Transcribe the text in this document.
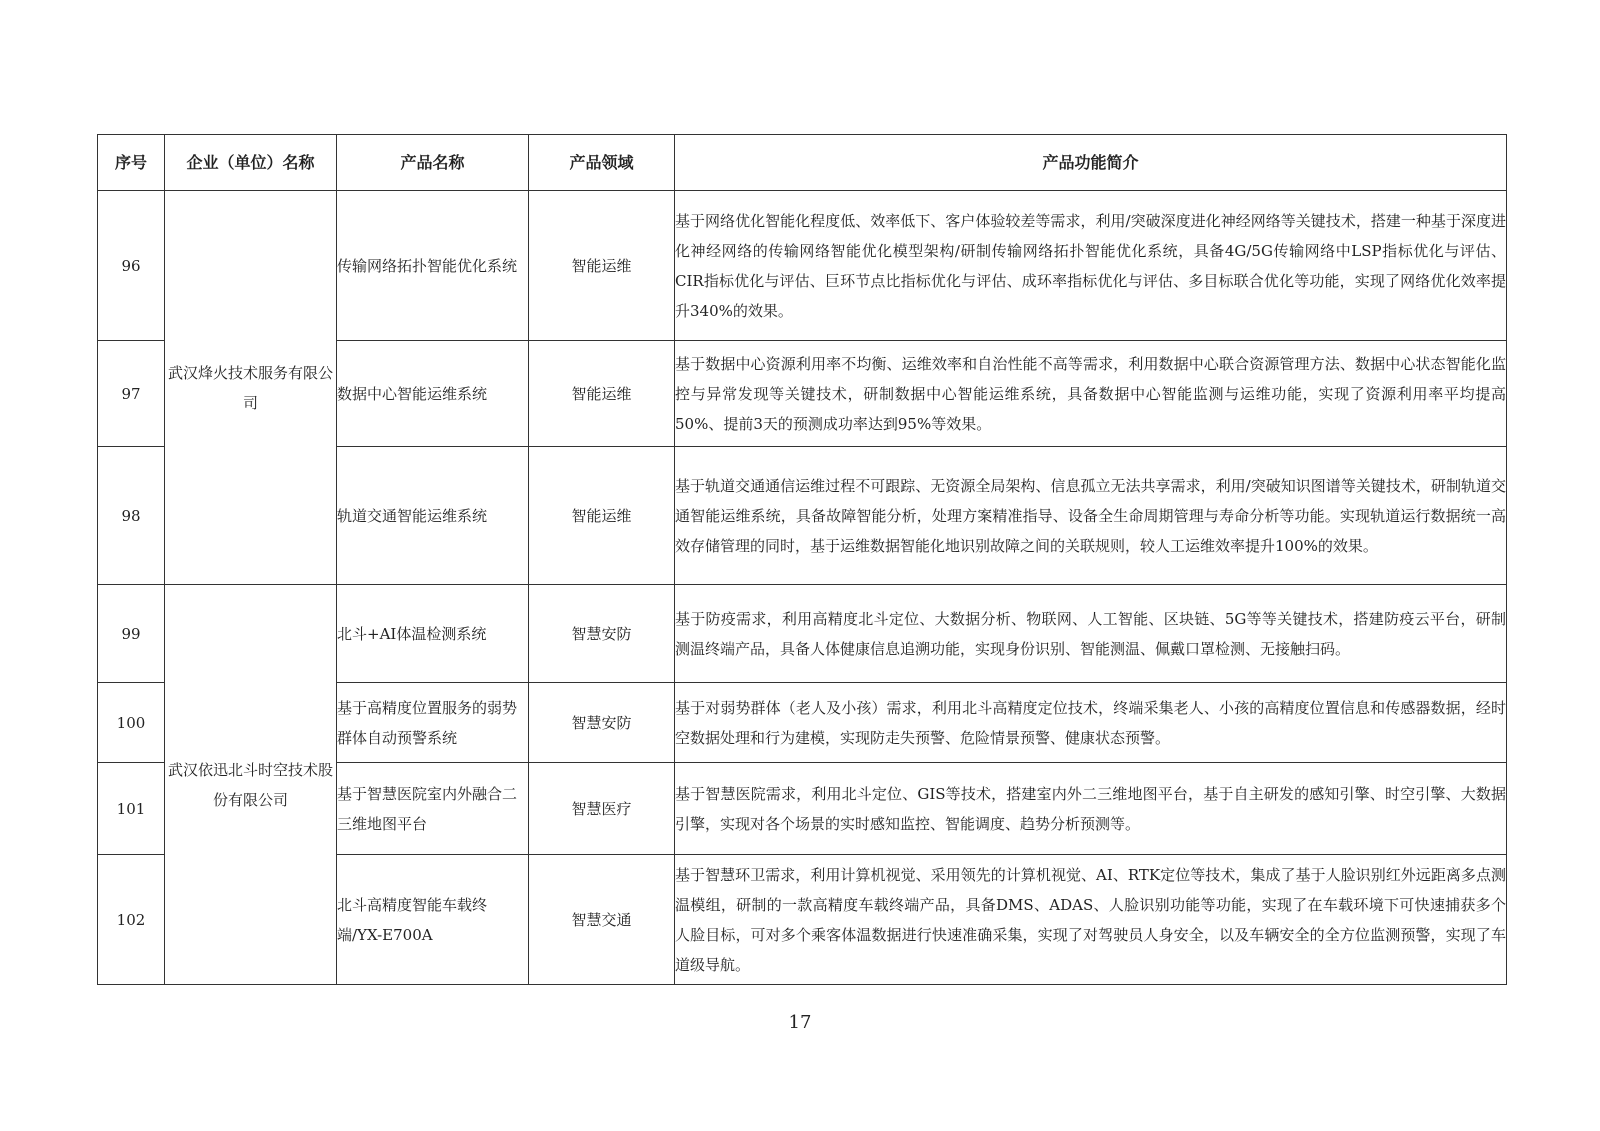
序号	企业（单位）名称	产品名称	产品领域	产品功能简介
96	武汉烽火技术服务有限公司	传输网络拓扑智能优化系统	智能运维	基于网络优化智能化程度低、效率低下、客户体验较差等需求，利用/突破深度进化神经网络等关键技术，搭建一种基于深度进化神经网络的传输网络智能优化模型架构/研制传输网络拓扑智能优化系统，具备4G/5G传输网络中LSP指标优化与评估、CIR指标优化与评估、巨环节点比指标优化与评估、成环率指标优化与评估、多目标联合优化等功能，实现了网络优化效率提升340%的效果。
97		数据中心智能运维系统	智能运维	基于数据中心资源利用率不均衡、运维效率和自治性能不高等需求，利用数据中心联合资源管理方法、数据中心状态智能化监控与异常发现等关键技术，研制数据中心智能运维系统，具备数据中心智能监测与运维功能，实现了资源利用率平均提高50%、提前3天的预测成功率达到95%等效果。
98		轨道交通智能运维系统	智能运维	基于轨道交通通信运维过程不可跟踪、无资源全局架构、信息孤立无法共享需求，利用/突破知识图谱等关键技术，研制轨道交通智能运维系统，具备故障智能分析，处理方案精准指导、设备全生命周期管理与寿命分析等功能。实现轨道运行数据统一高效存储管理的同时，基于运维数据智能化地识别故障之间的关联规则，较人工运维效率提升100%的效果。
99	武汉依迅北斗时空技术股份有限公司	北斗+AI体温检测系统	智慧安防	基于防疫需求，利用高精度北斗定位、大数据分析、物联网、人工智能、区块链、5G等等关键技术，搭建防疫云平台，研制测温终端产品，具备人体健康信息追溯功能，实现身份识别、智能测温、佩戴口罩检测、无接触扫码。
100		基于高精度位置服务的弱势群体自动预警系统	智慧安防	基于对弱势群体（老人及小孩）需求，利用北斗高精度定位技术，终端采集老人、小孩的高精度位置信息和传感器数据，经时空数据处理和行为建模，实现防走失预警、危险情景预警、健康状态预警。
101		基于智慧医院室内外融合二三维地图平台	智慧医疗	基于智慧医院需求，利用北斗定位、GIS等技术，搭建室内外二三维地图平台，基于自主研发的感知引擎、时空引擎、大数据引擎，实现对各个场景的实时感知监控、智能调度、趋势分析预测等。
102		北斗高精度智能车载终端/YX-E700A	智慧交通	基于智慧环卫需求，利用计算机视觉、采用领先的计算机视觉、AI、RTK定位等技术，集成了基于人脸识别红外远距离多点测温模组，研制的一款高精度车载终端产品，具备DMS、ADAS、人脸识别功能等功能，实现了在车载环境下可快速捕获多个人脸目标，可对多个乘客体温数据进行快速准确采集，实现了对驾驶员人身安全，以及车辆安全的全方位监测预警，实现了车道级导航。
17
